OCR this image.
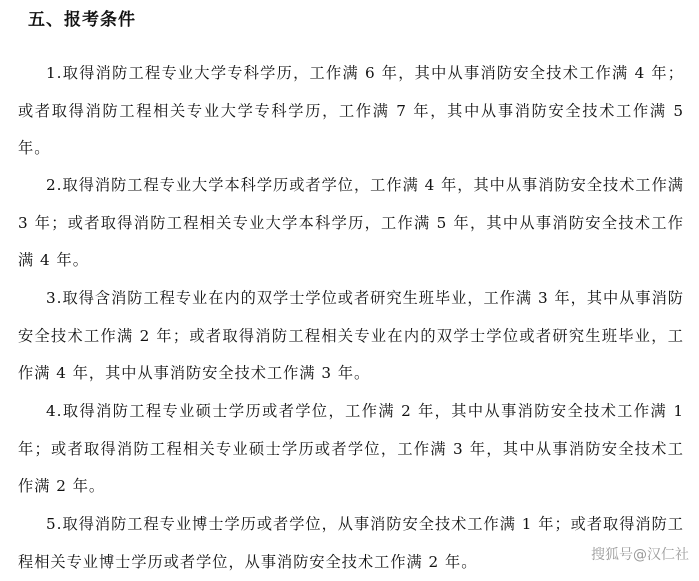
五、报考条件

1.取得消防工程专业大学专科学历，工作满 6 年，其中从事消防安全技术工作满 4 年；或者取得消防工程相关专业大学专科学历，工作满 7 年，其中从事消防安全技术工作满 5 年。

2.取得消防工程专业大学本科学历或者学位，工作满 4 年，其中从事消防安全技术工作满 3 年；或者取得消防工程相关专业大学本科学历，工作满 5 年，其中从事消防安全技术工作满 4 年。

3.取得含消防工程专业在内的双学士学位或者研究生班毕业，工作满 3 年，其中从事消防安全技术工作满 2 年；或者取得消防工程相关专业在内的双学士学位或者研究生班毕业，工作满 4 年，其中从事消防安全技术工作满 3 年。

4.取得消防工程专业硕士学历或者学位，工作满 2 年，其中从事消防安全技术工作满 1 年；或者取得消防工程相关专业硕士学历或者学位，工作满 3 年，其中从事消防安全技术工作满 2 年。

5.取得消防工程专业博士学历或者学位，从事消防安全技术工作满 1 年；或者取得消防工程相关专业博士学历或者学位，从事消防安全技术工作满 2 年。	搜狐号@汉仁社
